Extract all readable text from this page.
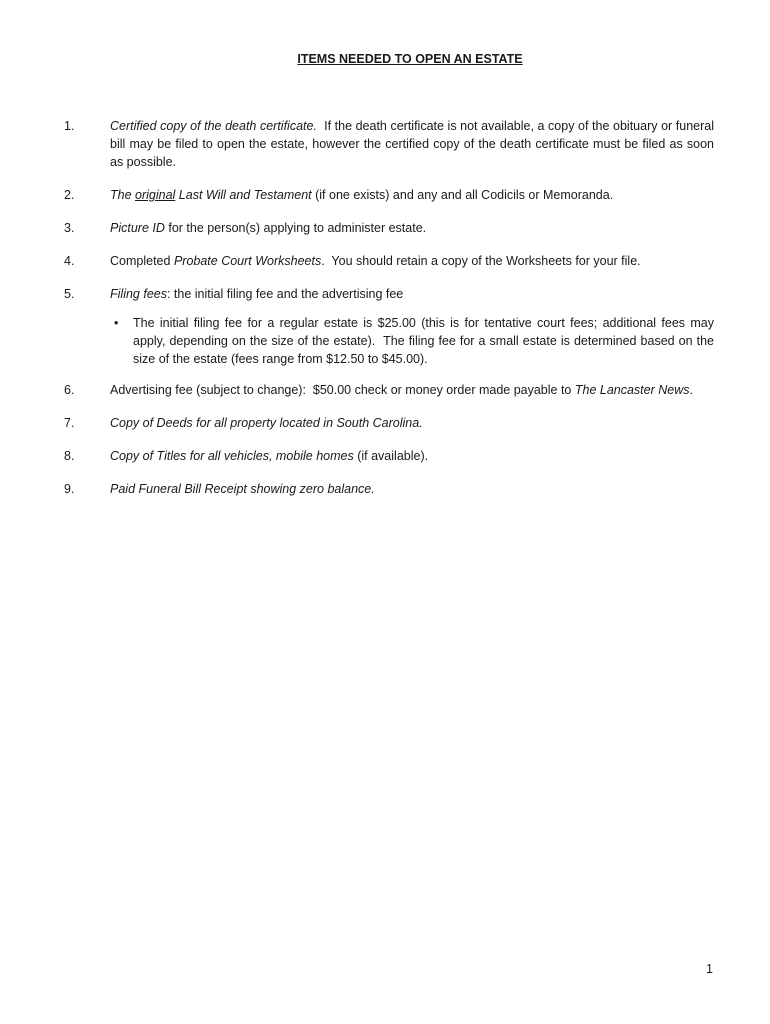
ITEMS NEEDED TO OPEN AN ESTATE
1.	Certified copy of the death certificate.  If the death certificate is not available, a copy of the obituary or funeral bill may be filed to open the estate, however the certified copy of the death certificate must be filed as soon as possible.
2.	The original Last Will and Testament (if one exists) and any and all Codicils or Memoranda.
3.	Picture ID for the person(s) applying to administer estate.
4.	Completed Probate Court Worksheets.  You should retain a copy of the Worksheets for your file.
5.	Filing fees: the initial filing fee and the advertising fee
• The initial filing fee for a regular estate is $25.00 (this is for tentative court fees; additional fees may apply, depending on the size of the estate).  The filing fee for a small estate is determined based on the size of the estate (fees range from $12.50 to $45.00).
6.	Advertising fee (subject to change):  $50.00 check or money order made payable to The Lancaster News.
7.	Copy of Deeds for all property located in South Carolina.
8.	Copy of Titles for all vehicles, mobile homes (if available).
9.	Paid Funeral Bill Receipt showing zero balance.
1
